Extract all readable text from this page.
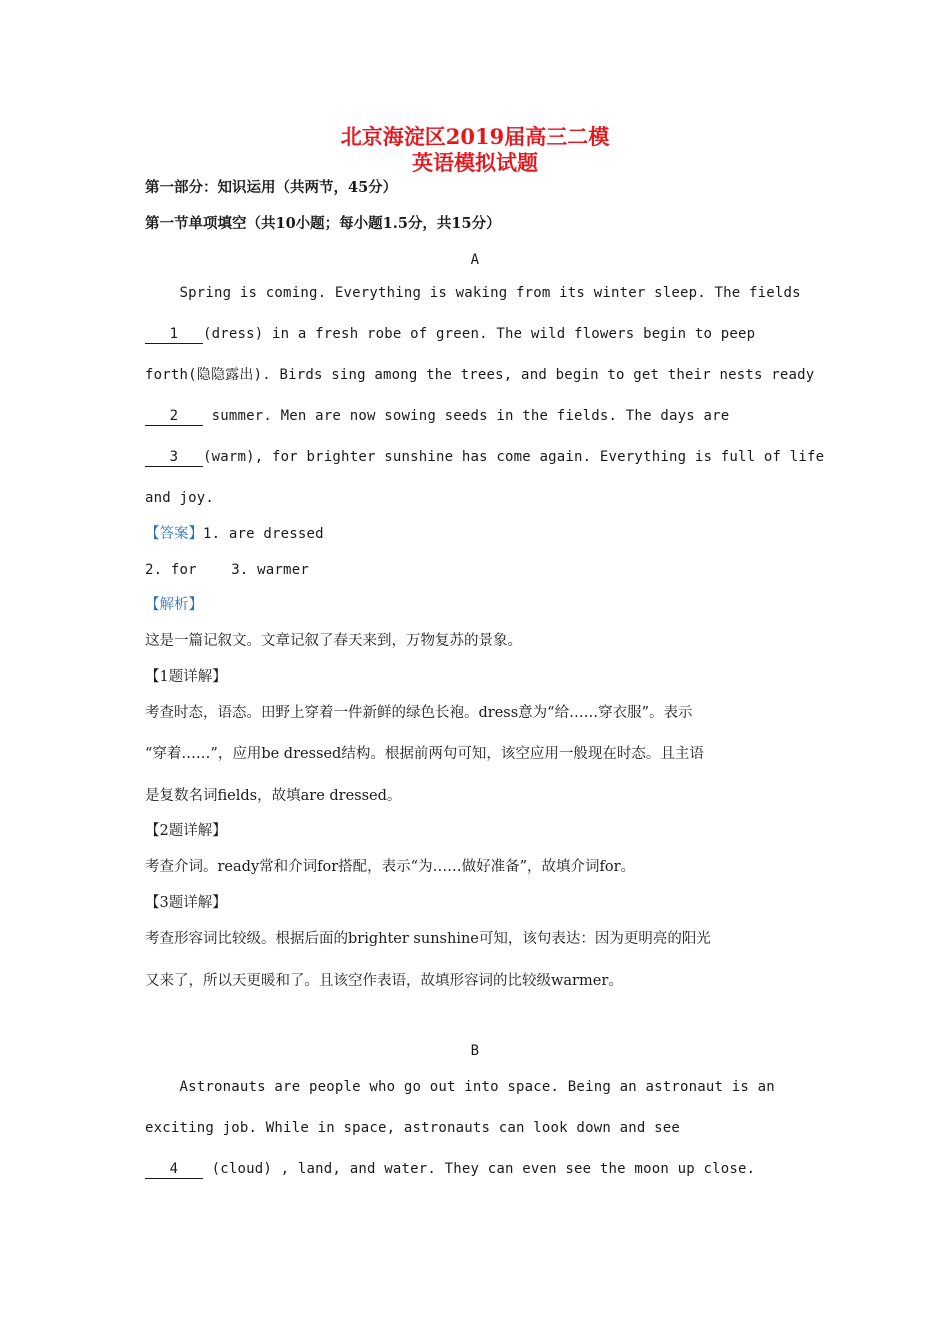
北京海淀区2019届高三二模
英语模拟试题
第一部分：知识运用（共两节，45分）
第一节单项填空（共10小题；每小题1.5分，共15分）
A
Spring is coming. Everything is waking from its winter sleep. The fields
1 (dress) in a fresh robe of green. The wild flowers begin to peep
forth(隐隐露出). Birds sing among the trees, and begin to get their nests ready
2 summer. Men are now sowing seeds in the fields. The days are
3 (warm), for brighter sunshine has come again. Everything is full of life
and joy.
【答案】1. are dressed
2. for    3. warmer
【解析】
这是一篇记叙文。文章记叙了春天来到，万物复苏的景象。
【1题详解】
考查时态，语态。田野上穿着一件新鲜的绿色长袍。dress意为“给……穿衣服”。表示
“穿着……”，应用be dressed结构。根据前两句可知，该空应用一般现在时态。且主语
是复数名词fields，故填are dressed。
【2题详解】
考查介词。ready常和介词for搭配，表示“为……做好准备”，故填介词for。
【3题详解】
考查形容词比较级。根据后面的brighter sunshine可知，该句表达：因为更明亮的阳光
又来了，所以天更暖和了。且该空作表语，故填形容词的比较级warmer。
B
Astronauts are people who go out into space. Being an astronaut is an
exciting job. While in space, astronauts can look down and see
4 (cloud) , land, and water. They can even see the moon up close.
